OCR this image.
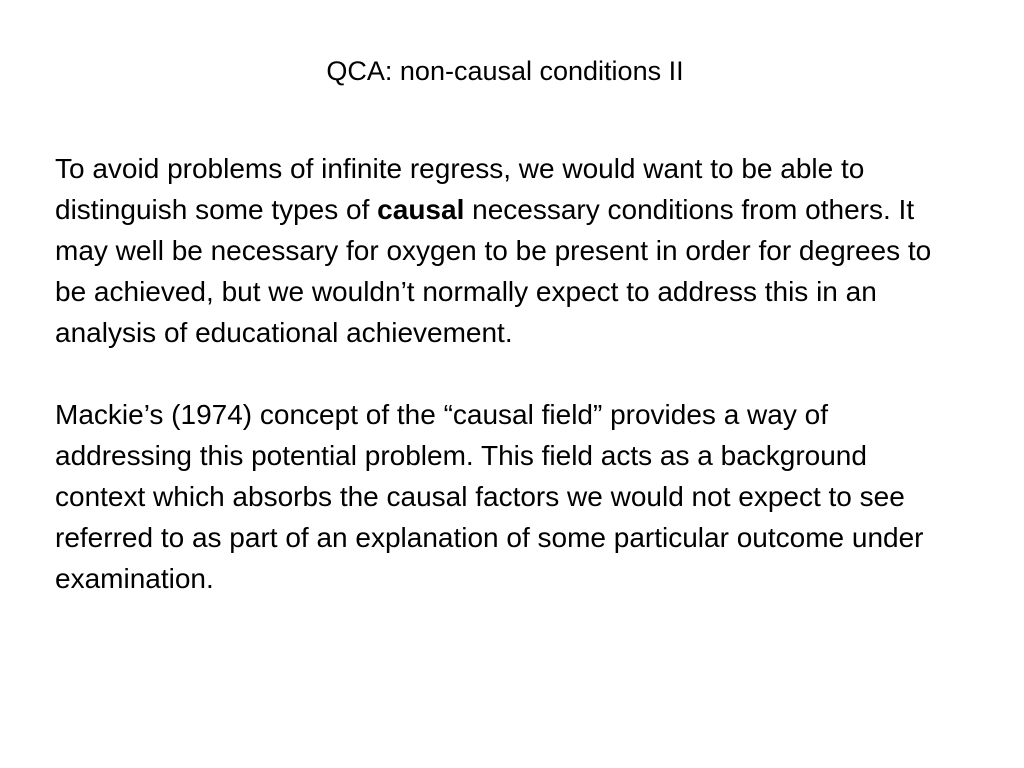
QCA: non-causal conditions II

To avoid problems of infinite regress, we would want to be able to distinguish some types of causal necessary conditions from others. It may well be necessary for oxygen to be present in order for degrees to be achieved, but we wouldn’t normally expect to address this in an analysis of educational achievement.

Mackie’s (1974) concept of the “causal field” provides a way of addressing this potential problem. This field acts as a background context which absorbs the causal factors we would not expect to see referred to as part of an explanation of some particular outcome under examination.
